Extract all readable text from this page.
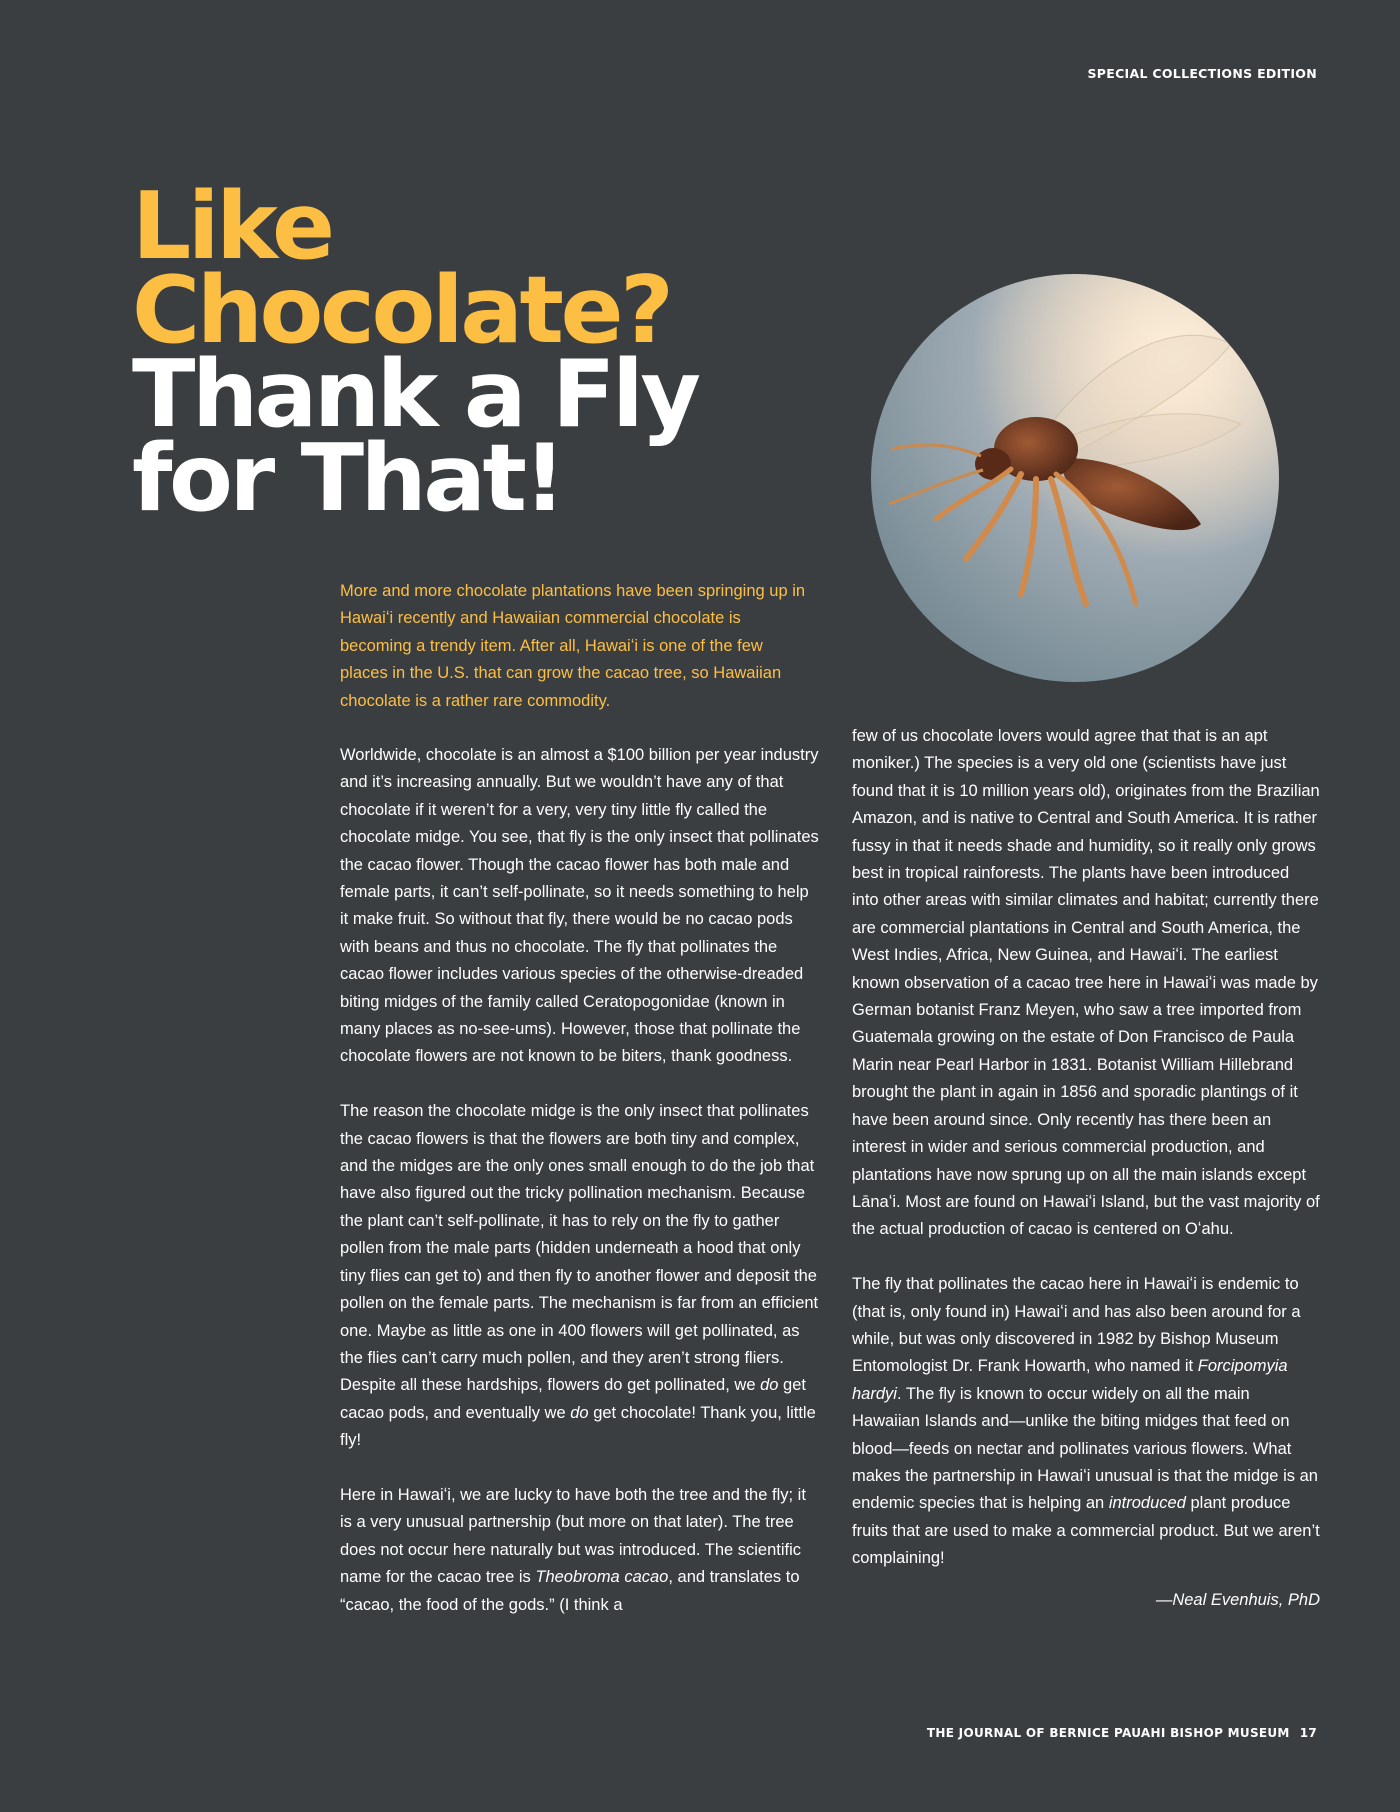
SPECIAL COLLECTIONS EDITION
Like
Chocolate?
Thank a Fly
for That!

More and more chocolate plantations have been springing up in Hawaiʻi recently and Hawaiian commercial chocolate is becoming a trendy item. After all, Hawaiʻi is one of the few places in the U.S. that can grow the cacao tree, so Hawaiian chocolate is a rather rare commodity.

Worldwide, chocolate is an almost a $100 billion per year industry and it’s increasing annually. But we wouldn’t have any of that chocolate if it weren’t for a very, very tiny little fly called the chocolate midge. You see, that fly is the only insect that pollinates the cacao flower. Though the cacao flower has both male and female parts, it can’t self-pollinate, so it needs something to help it make fruit. So without that fly, there would be no cacao pods with beans and thus no chocolate. The fly that pollinates the cacao flower includes various species of the otherwise-dreaded biting midges of the family called Ceratopogonidae (known in many places as no-see-ums). However, those that pollinate the chocolate flowers are not known to be biters, thank goodness.

The reason the chocolate midge is the only insect that pollinates the cacao flowers is that the flowers are both tiny and complex, and the midges are the only ones small enough to do the job that have also figured out the tricky pollination mechanism. Because the plant can’t self-pollinate, it has to rely on the fly to gather pollen from the male parts (hidden underneath a hood that only tiny flies can get to) and then fly to another flower and deposit the pollen on the female parts. The mechanism is far from an efficient one. Maybe as little as one in 400 flowers will get pollinated, as the flies can’t carry much pollen, and they aren’t strong fliers. Despite all these hardships, flowers do get pollinated, we do get cacao pods, and eventually we do get chocolate! Thank you, little fly!

Here in Hawaiʻi, we are lucky to have both the tree and the fly; it is a very unusual partnership (but more on that later). The tree does not occur here naturally but was introduced. The scientific name for the cacao tree is Theobroma cacao, and translates to “cacao, the food of the gods.” (I think a

few of us chocolate lovers would agree that that is an apt moniker.) The species is a very old one (scientists have just found that it is 10 million years old), originates from the Brazilian Amazon, and is native to Central and South America. It is rather fussy in that it needs shade and humidity, so it really only grows best in tropical rainforests. The plants have been introduced into other areas with similar climates and habitat; currently there are commercial plantations in Central and South America, the West Indies, Africa, New Guinea, and Hawaiʻi. The earliest known observation of a cacao tree here in Hawaiʻi was made by German botanist Franz Meyen, who saw a tree imported from Guatemala growing on the estate of Don Francisco de Paula Marin near Pearl Harbor in 1831. Botanist William Hillebrand brought the plant in again in 1856 and sporadic plantings of it have been around since. Only recently has there been an interest in wider and serious commercial production, and plantations have now sprung up on all the main islands except Lānaʻi. Most are found on Hawaiʻi Island, but the vast majority of the actual production of cacao is centered on Oʻahu.

The fly that pollinates the cacao here in Hawaiʻi is endemic to (that is, only found in) Hawaiʻi and has also been around for a while, but was only discovered in 1982 by Bishop Museum Entomologist Dr. Frank Howarth, who named it Forcipomyia hardyi. The fly is known to occur widely on all the main Hawaiian Islands and—unlike the biting midges that feed on blood—feeds on nectar and pollinates various flowers. What makes the partnership in Hawaiʻi unusual is that the midge is an endemic species that is helping an introduced plant produce fruits that are used to make a commercial product. But we aren’t complaining!

—Neal Evenhuis, PhD
THE JOURNAL OF BERNICE PAUAHI BISHOP MUSEUM 17
